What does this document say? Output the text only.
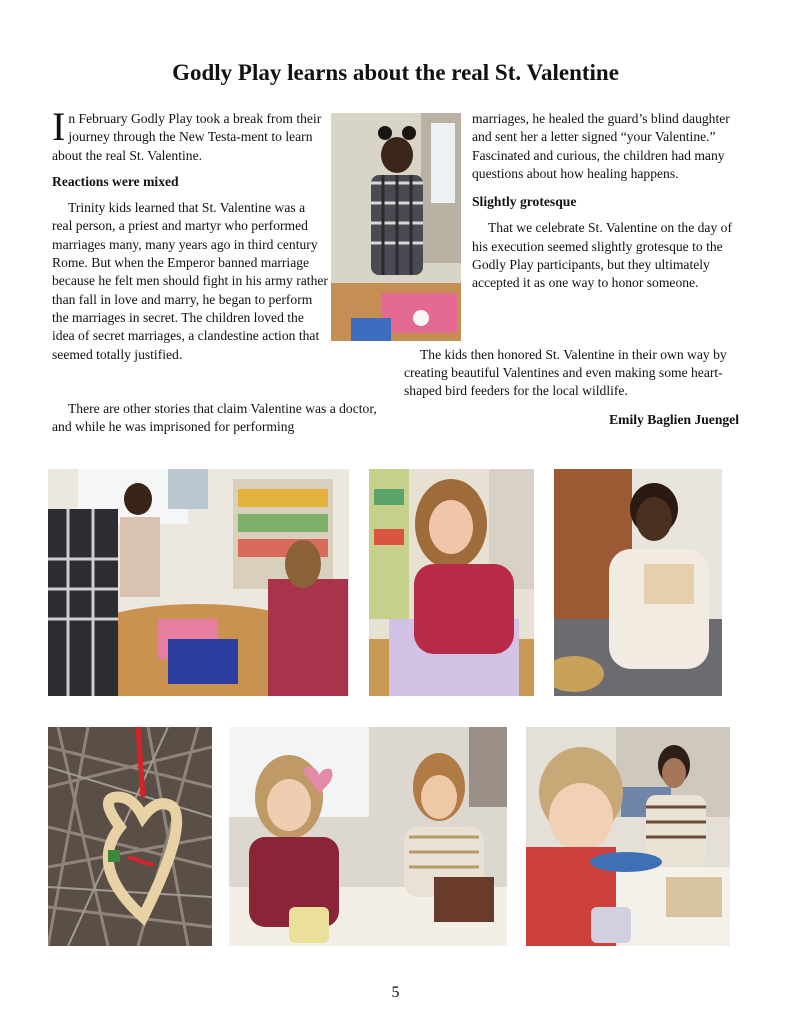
Godly Play learns about the real St. Valentine

In February Godly Play took a break from their journey through the New Testa-ment to learn about the real St. Valentine.

Reactions were mixed

Trinity kids learned that St. Valentine was a real person, a priest and martyr who performed marriages many, many years ago in third century Rome. But when the Emperor banned marriage because he felt men should fight in his army rather than fall in love and marry, he began to perform the marriages in secret. The children loved the idea of secret marriages, a clandestine action that seemed totally justified.

There are other stories that claim Valentine was a doctor, and while he was imprisoned for performing

marriages, he healed the guard’s blind daughter and sent her a letter signed “your Valentine.” Fascinated and curious, the children had many questions about how healing happens.

Slightly grotesque

That we celebrate St. Valentine on the day of his execution seemed slightly grotesque to the Godly Play participants, but they ultimately accepted it as one way to honor someone.

The kids then honored St. Valentine in their own way by creating beautiful Valentines and even making some heart-shaped bird feeders for the local wildlife.

Emily Baglien Juengel
5
